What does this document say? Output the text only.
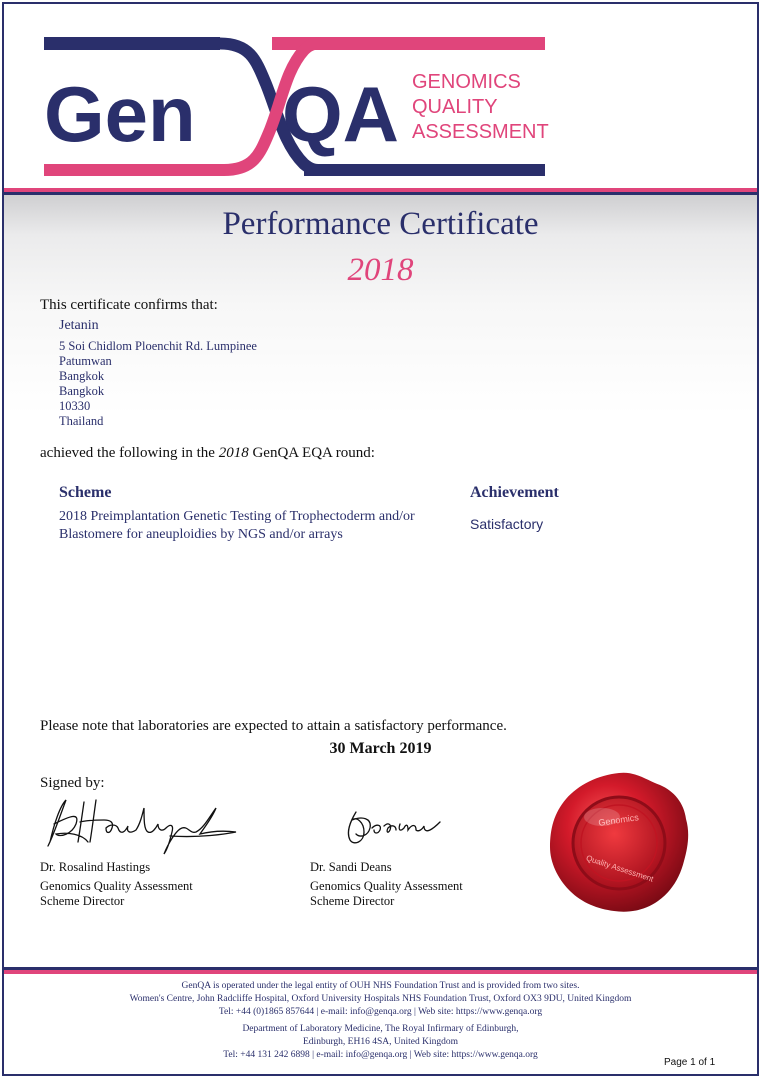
Gen QA GENOMICS
QUALITY
ASSESSMENT
Performance Certificate
2018
This certificate confirms that:
Jetanin
5 Soi Chidlom Ploenchit Rd. Lumpinee
Patumwan
Bangkok
Bangkok
10330
Thailand
achieved the following in the 2018 GenQA EQA round:
Scheme	Achievement
2018 Preimplantation Genetic Testing of Trophectoderm and/or
Blastomere for aneuploidies by NGS and/or arrays
Satisfactory
Please note that laboratories are expected to attain a satisfactory performance.
30 March 2019
Signed by:
Dr. Rosalind Hastings
Genomics Quality Assessment
Scheme Director
Dr. Sandi Deans
Genomics Quality Assessment
Scheme Director
Genomics
Quality Assessment
GenQA is operated under the legal entity of OUH NHS Foundation Trust and is provided from two sites.
Women's Centre, John Radcliffe Hospital, Oxford University Hospitals NHS Foundation Trust, Oxford OX3 9DU, United Kingdom
Tel: +44 (0)1865 857644 | e-mail: info@genqa.org | Web site: https://www.genqa.org
Department of Laboratory Medicine, The Royal Infirmary of Edinburgh,
Edinburgh, EH16 4SA, United Kingdom
Tel: +44 131 242 6898 | e-mail: info@genqa.org | Web site: https://www.genqa.org
Page 1 of 1
